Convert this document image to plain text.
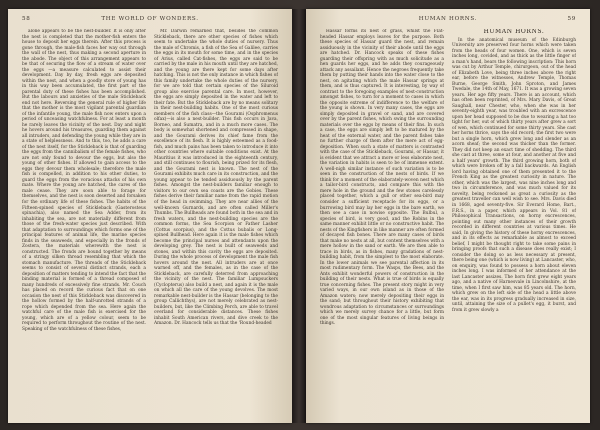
58	THE WORLD OF WONDERS.

alone appears to be the nest-builder. It is only after the nest is completed that the mother-fish enters the house to deposit her eggs therein. After this process is gone through, the male-fish faces her way out through the wall of the nest, thus making a second aperture in the abode. The object of this arrangement appears to be that of securing the flow of a stream of water over the eggs —a measure calculated to assist their development. Day by day, fresh eggs are deposited within the nest, and when a goodly store of young has in this way been accumulated, the first part of the parental duty of these fishes has been accomplished. But the labours and anxieties of the male Stickleback end not here. Reversing the general rule of higher life that the mother is the most vigilant parental guardian of the infantile young, the male fish now enters upon a period of unceasing watchfulness. For at least a month he rarely leaves the vicinity of the nest. Day and night he hovers around his treasures, guarding them against all intruders, and defending the young while they are in a state of helplessness. And to this, too, he adds a care of the nest itself, for the Stickleback is that of guarding the eggs from the cannibalism of the female fishes, who are not only found to devour the eggs, but also the young of other fishes. If allowed to gain access to the eggs they devour them wholesale; therefore the male fish is compelled, in addition to his other duties, to guard the eggs from the voracious attacks of his own mate. Where the young are hatched, the cares of the male cease. They are soon able to forage for themselves, and the nest is soon deserted and forsaken for the ordinary life of these fishes. The habits of the Fifteen-spined species of Stickleback (Gasterosteus spinachia), also named the Sea Adder, from its inhabiting the sea, are not materially different from those of the fresh-water species just described. With that adaptation to surroundings which forms one of the principal features of animal life, the marine species finds in the seaweeds, and especially in the fronds of Zostera, the materials wherewith the nest is constructed. The fronds are bound together by means of a stringy silken thread resembling that which the stomach manufacture. The threads of the Stickleback seems to consist of several distinct strands, each a deposition of matters tending to intend the fact that the binding material is formed of a thread composed of many hundreds of excessively fine strands. Mr. Couch has placed on record the curious fact that on one occasion the nest of this Stickleback was discovered in the hollow formed by the half-unrotted strands of a rope which depended from the sea. Here again the watchful care of the male fish is exercised for the young, which are of a yellow colour, seem to be required to perform throughout the routine of the nest. Speaking of the watchfulness of these fishes,

Mr. Darwin remarked that, besides the common Stickleback, there are other species of fishes which seem to undertake the whole duties of nursery. Thus the male of Chromis, a fish of the Sea of Galilee, carries the eggs in its mouth for some time, and in the species of Arius, called Cat-fishes, the eggs are said to be carried by the male in his mouth until they are hatched, and the young are there kept for some days after hatching. This is not the only instance in which fishes of this family undertake the whole duties of the nursery, for we are told that certain species of the Siluroid group also exercise parental care. In most, however, the eggs are simply deposited in the water and left to their fate. But the Stickleback are by no means solitary in their nest-building habits. One of the most curious members of the fish class—the Gourami (Osphromenus olfax)—is also a nest-builder. This fish occurs in Java, Borneo, and Sumatra, and in a much more cases. The body is somewhat shortened and compressed in shape, and the Gourami derives its chief fame from the excellence of its flesh. It is highly esteemed as a food-fish, and much pains has been taken to introduce it into other countries where suitable conditions exist. At the Mauritius it was introduced in the eighteenth century, and still continues to flourish, being prized for its flesh, and the Gourami nest is known. The nest of the Gourami exhibits much care in its construction, and the young appear to be tended assiduously by the parent fishes. Amongst the nest-builders familiar enough to visitors to our own sea coasts are the Gobies. These fishes derive their familiar name from the rapid motion of the head in swimming. They are near allies of the well-known Gurnards, and are often called Miller's Thumbs. The Bullheads are found both in the sea and in fresh waters, and the nest-building species are the common forms, the Sea Scorpion or Father Lasher (Cottus scorpius), and the Cottus bubalis or Long-spined Bullhead. Here again it is the male fishes which become the principal nurses and attendants upon the developing grey. The nest is built of seaweeds and stones, and within this cavity the eggs are deposited. During the whole process of development the male fish hovers around the nest. All intruders are at once warned off, and the females, as in the case of the Stickleback, are carefully deterred from approaching the vicinity of the nest. The familiar Lumpsuckers (Cyclopterus) also build a nest, and again it is the male on which all the care of the young devolves. The most remarkable nest-builder is the Hassar (belonging to the group Callichthys), are not merely celebrated as nest-builders, but, like the Climbing Perch, are able to travel overland for considerable distances. These fishes inhabit South American rivers, and dive creek to the Amazon. Dr. Hancock tells us that the 'Round-headed

HUMAN HORNS.	59

Hassar forms its nest of grass, whilst the Flat-headed Hassar employs leaves for the purpose. Both these species of Hassar guard the nest, and remain assiduously in the vicinity of their abode until the eggs are hatched. Dr. Hancock speaks of these fishes guarding their offspring with as much solicitude as a hen guards her eggs, and he adds they courageously attack any assailant. Hence the negroes frequently take them by putting their hands into the water close to the nest, on agitating which the male Hassar springs at them, and is thus captured. It is interesting, by way of contrast to the foregoing examples of nest-construction amongst fishes, to turn for a moment to cases in which the opposite extreme of indifference to the welfare of the young is shown. In very many cases, the eggs are simply deposited in gravel or sand, and are covered over by the parent fishes, which swing the surrounding materials over the eggs by means of their fins. In such a case, the eggs are simply left to be matured by the heat of the external water, and the parent fishes take no further charge of them after the mere act of egg-deposition. When such a state of matters is contrasted with the case of the Stickleback, Gourami, or Hassar, it is evident that we attract a more or less elaborate nest, the variation in habits is seen to be of immense extent. A well-nigh similar instance of such variation is to be seen in the construction of the nests of birds. If we think for a moment of the elaborately-woven nest which a tailor-bird constructs, and compare this with the mere hole in the ground and the few stones carelessly placed together, which a gull or other sea-bird may consider a sufficient receptacle for its eggs, or a burrowing bird may lay her eggs in the bare earth, we then see a case in nowise opposite. The Bulbul, a species of bird, is very good, and the Robins in the same manner exhibit little or no constructive habit. The nests of the Kingfishers in like manner are often formed of decayed fish bones. There are many cases of birds that make no nests at all, but content themselves with a mere hollow in the sand or earth. We are then able to trace in birds, as in fishes, many gradations of nest-building habit, from the simplest to the most elaborate. In the lower animals we see parental affection in its most rudimentary form. The Wasps, the Bees, and the Ants exhibit wonderful powers of construction in the building of their nests. What is true of birds is equally true concerning fishes. The present story might in very varied ways, in our own island as in those of the Amazon waters; now merely depositing their eggs in the sand; but throughout their history exhibiting that wondrous adaptation to circumstances or surroundings which we merely survey chance for a little, but form one of the most singular features of living beings in things.

HUMAN HORNS.

In the anatomical museum of the Edinburgh University are preserved four horns which were taken from the heads of four women. One, which is seven inches long, covided, and as thick as the little finger of a man's hand, bears the following inscription: This horn was cut by Arthur Temple, chirurgeon, out of the head of Elizabeth Love, being three inches above the right ear, before the witnesses, Andrew Temple, Thomas Burne, George Smith, John Sproton, and James Twedale, the 14th of May, 1671. It was a growing seven years. Her age fifty years. There is an account, which has often been reprinted, of Mrs. Mary Davis, of Great Saughall, near Chester, who, when she was in her seventy-eighth year, was troubled with an excrescence upon her head supposed to be due to wearing a hat too tight for her, out of which thirty years after grew a sort of wen, which continued for some thirty years. She cast her horns thrice, says the old record; the first two were but a single horn, which grew long and slender as an acorn sheaf; the second was thicker than the former. They did not keep an exact time of shedding. The third she cast at three, some at four, and another at five and a half years' growth. The third growing horn, both of which were broken off by a fall backwards. An English lord having obtained one of them presented it to the French King as the greatest curiosity in nature. The other, which was the largest, was nine inches long and two in circumference, and was much valued for its novelty, being reckoned as great a curiosity as the greatest traveller can well wish to see. Mrs. Davis died in 1668, aged seventy-five. Sir Everard Home, Bart., F.R.S., in a paper, which appears in Vol. 81 of Philosophical Transactions, on horny excrescences, pointing out many other instances of their growth recorded in different countries at various times. He said, In giving the history of these horny excrescences, and in its effects as remarkable as almost to exceed belief, I might be thought right to take some pains in bringing proofs that such a disease does really exist; I consider the doing so as less necessary at present, there being one (which is now living) at Lancaster, who, on enquiry, was found to possess a horn about eleven inches long. I was informed of her attendance at the last Lancaster assizes. The horn first grew eight years ago, and a native of Harnesvale in Lincolnshire, at the time, when I first saw him, was 85 years old. The horn, which grew on the left side of the head a little above the ear, was in its progress gradually increased in size, until, attaining the size of a pullet's egg, it burst, and from it grew slowly a
